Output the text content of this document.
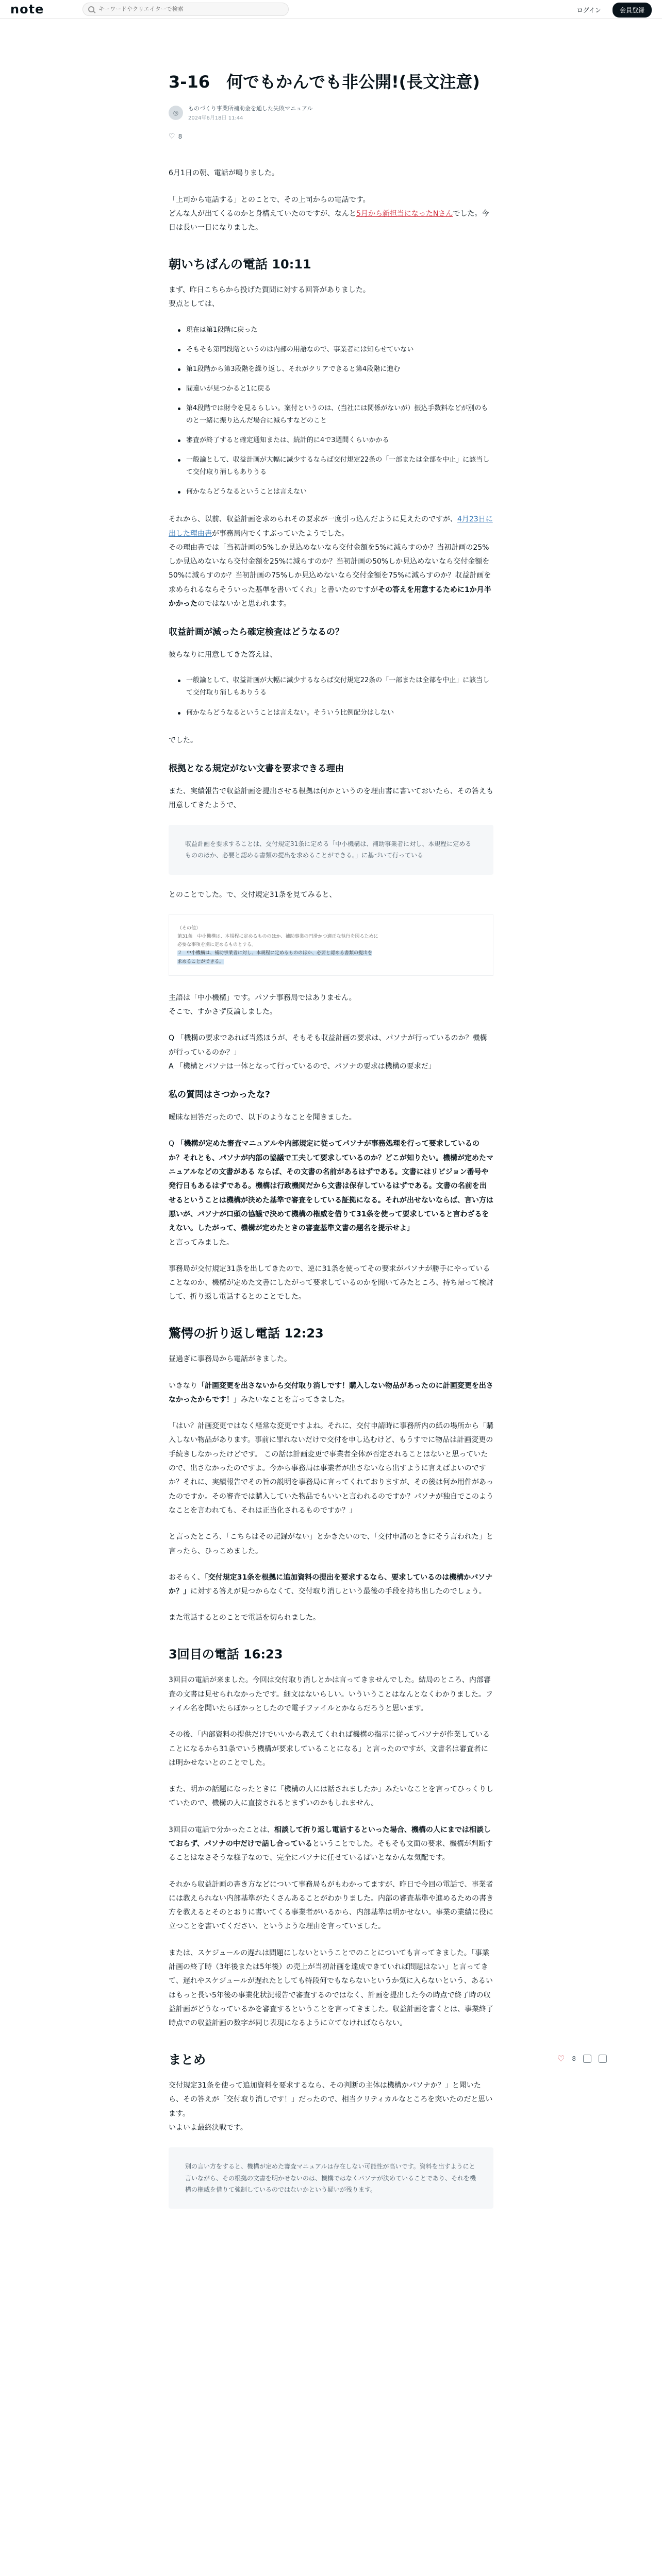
note
キーワードやクリエイターで検索	ログイン	会員登録
3-16　何でもかんでも非公開!(長文注意)
◎
ものづくり事業所補助金を通した失敗マニュアル
2024年6月18日 11:44
♡ 8

6月1日の朝、電話が鳴りました。

「上司から電話する」とのことで、その上司からの電話です。
どんな人が出てくるのかと身構えていたのですが、なんと5月から新担当になったNさんでした。今日は長い一日になりました。

朝いちばんの電話 10:11

まず、昨日こちらから投げた質問に対する回答がありました。
要点としては、

現在は第1段階に戻った
そもそも第同段階というのは内部の用語なので、事業者には知らせていない
第1段階から第3段階を繰り返し、それがクリアできると第4段階に進む
間違いが見つかると1に戻る
第4段階では財令を見るらしい。案付というのは、(当社には関係がないが）振込手数料などが別のものと一緒に振り込んだ場合に減らすなどのこと
審査が終了すると確定通知または、続計的に4で3週間くらいかかる
一般論として、収益計画が大幅に減少するならば交付規定22条の「一部または全部を中止」に該当して交付取り消しもありうる
何かならどうなるということは言えない

それから、以前、収益計画を求められその要求が一度引っ込んだように見えたのですが、4月23日に出した理由書が事務局内でくすぶっていたようでした。
その理由書では「当初計画の5%しか見込めないなら交付金額を5%に減らすのか？当初計画の25%しか見込めないなら交付金額を25%に減らすのか？当初計画の50%しか見込めないなら交付金額を50%に減らすのか？当初計画の75%しか見込めないなら交付金額を75%に減らすのか？収益計画を求められるならそういった基準を書いてくれ」と書いたのですがその答えを用意するために1か月半かかったのではないかと思われます。

収益計画が減ったら確定検査はどうなるの？

彼らなりに用意してきた答えは、

一般論として、収益計画が大幅に減少するならば交付規定22条の「一部または全部を中止」に該当して交付取り消しもありうる
何かならどうなるということは言えない。そういう比例配分はしない

でした。

根拠となる規定がない文書を要求できる理由

また、実績報告で収益計画を提出させる根拠は何かというのを理由書に書いておいたら、その答えも用意してきたようで、

収益計画を要求することは、交付規定31条に定める「中小機構は、補助事業者に対し、本規程に定めるもののほか、必要と認める書類の提出を求めることができる。」に基づいて行っている

とのことでした。で、交付規定31条を見てみると、

（その他）
第31条　中小機構は、本規程に定めるもののほか、補助事業の円滑かつ適正な執行を図るために
必要な事項を別に定めるものとする。
２　中小機構は、補助事業者に対し、本規程に定めるもののほか、必要と認める書類の提出を
求めることができる。

主語は「中小機構」です。パソナ事務局ではありません。
そこで、すかさず反論しました。

Q 「機構の要求であれば当然ほうが、そもそも収益計画の要求は、パソナが行っているのか？機構が行っているのか？」
A 「機構とパソナは一体となって行っているので、パソナの要求は機構の要求だ」

私の質問はさつかったな?

曖昧な回答だったので、以下のようなことを聞きました。

Q 「機構が定めた審査マニュアルや内部規定に従ってパソナが事務処理を行って要求しているのか？それとも、パソナが内部の協議で工夫して要求しているのか？どこが知りたい。機構が定めたマニュアルなどの文書がある ならば、その文書の名前があるはずである。文書にはリビジョン番号や発行日もあるはずである。機構は行政機関だから文書は保存しているはずである。文書の名前を出せるということは機構が決めた基準で審査をしている証拠になる。それが出せないならば、言い方は悪いが、パソナが口頭の協議で決めて機構の権威を借りて31条を使って要求していると言わざるをえない。したがって、機構が定めたときの審査基準文書の題名を提示せよ」
と言ってみました。

事務局が交付規定31条を出してきたので、逆に31条を使ってその要求がパソナが勝手にやっていることなのか、機構が定めた文書にしたがって要求しているのかを聞いてみたところ、持ち帰って検討して、折り返し電話するとのことでした。

驚愕の折り返し電話 12:23

昼過ぎに事務局から電話がきました。

いきなり「計画変更を出さないから交付取り消しです！購入しない物品があったのに計画変更を出さなかったからです！」みたいなことを言ってきました。

「はい？計画変更ではなく経常な変更ですよね。それに、交付申請時に事務所内の紙の場所から「購入しない物品があります。事前に罪れないだけで交付を申し込むけど、もうすでに物品は計画変更の手続きしなかったけどです。 この話は計画変更で事業者全体が否定されることはないと思っていたので、出さなかったのですよ。今から事務局は事業者が出さないなら出すように言えばよいのですか？それに、実績報告でその旨の説明を事務局に言ってくれておりますが、その後は何か用件があったのですか。その審査では購入していた物品でもいいと言われるのですか？パソナが独自でこのようなことを言われても、それは正当化されるものですか？」

と言ったところ、「こちらはその記録がない」とかきたいので、「交付申請のときにそう言われた」と言ったら、ひっこめました。

おそらく、「交付規定31条を根拠に追加資料の提出を要求するなら、要求しているのは機構かパソナか？」に対する答えが見つからなくて、交付取り消しという最後の手段を持ち出したのでしょう。

また電話するとのことで電話を切られました。

3回目の電話 16:23

3回目の電話が来ました。今回は交付取り消しとかは言ってきませんでした。結局のところ、内部審査の文書は見せられなかったです。細文はないらしい。いういうことはなんとなくわかりました。ファイル名を聞いたらぼかっとしたので電子ファイルとかならだろうと思います。

その後、「内部資料の提供だけでいいから教えてくれれば機構の指示に従ってパソナが作業していることになるから31条でいう機構が要求していることになる」と言ったのですが、文書名は審査者には明かせないとのことでした。

また、明かの話題になったときに「機構の人には話されましたか」みたいなことを言ってひっくりしていたので、機構の人に直接されるとまずいのかもしれません。

3回目の電話で分かったことは、相談して折り返し電話するといった場合、機構の人にまでは相談しておらず、パソナの中だけで話し合っているということでした。そもそも文面の要求、機構が判断することはなさそうな様子なので、完全にパソナに任せているぱいとなかんな気配です。

それから収益計画の書き方などについて事務局もがもわかってますが、昨日で今回の電話で、事業者には教えられない内部基準がたくさんあることがわかりました。内部の審査基準や進めるための書き方を教えるとそのとおりに書いてくる事業者がいるから、内部基準は明かせない。事業の業績に役に立つことを書いてください、というような理由を言っていました。

または、スケジュールの遅れは問題にしないということでのことについても言ってきました。「事業計画の終了時（3年後または5年後）の売上が当初計画を達成できていれば問題はない」と言ってきて、遅れやスケジュールが遅れたとしても特段何でもならないというか気に入らないという、あるいはもっと長い5年後の事業化状況報告で審査するのではなく、計画を提出した今の時点で終了時の収益計画がどうなっているかを審査するということを言ってきました。収益計画を書くとは、事業終了時点での収益計画の数字が同じ表現になるように立てなければならない。

まとめ

交付規定31条を使って追加資料を要求するなら、その判断の主体は機構かパソナか？」と聞いたら、その答えが「交付取り消しです！」だったので、相当クリティカルなところを突いたのだと思います。
いよいよ最終決戦です。

別の言い方をすると、機構が定めた審査マニュアルは存在しない可能性が高いです。資料を出すようにと言いながら、その根拠の文書を明かせないのは、機構ではなくパソナが決めていることであり、それを機構の権威を借りて強制しているのではないかという疑いが残ります。

♡ 8
